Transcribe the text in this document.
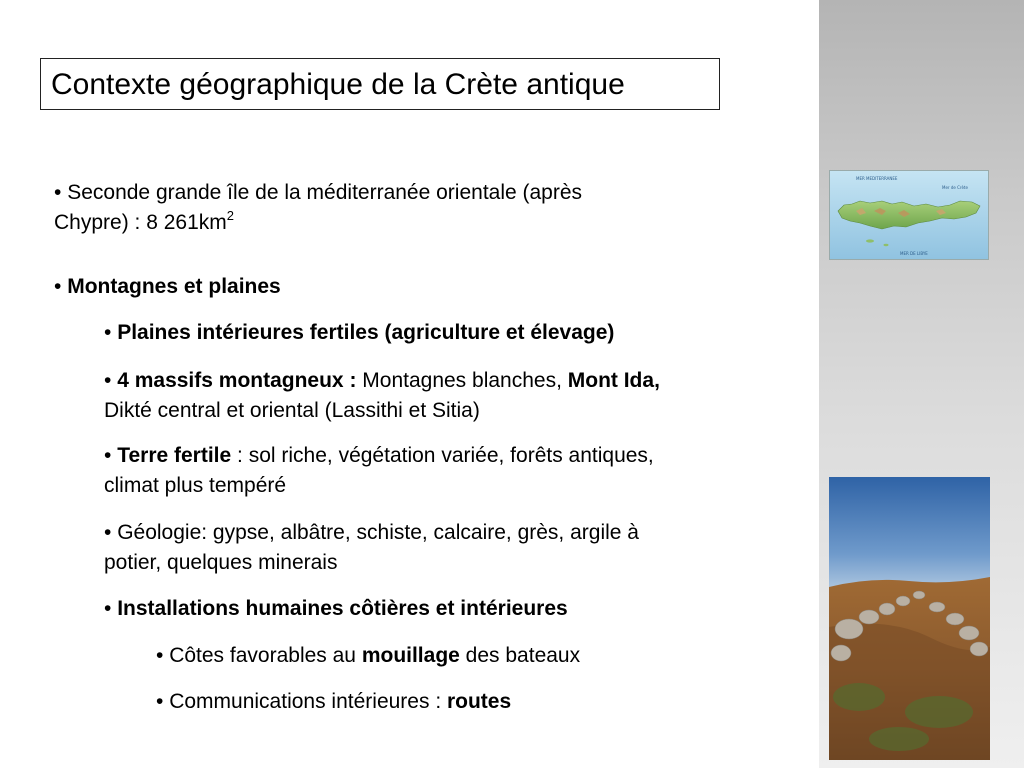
Contexte géographique de la Crète antique
• Seconde grande île de la méditerranée orientale (après
Chypre) : 8 $261km^2$
• Montagnes et plaines
• Plaines intérieures fertiles (agriculture et élevage)
• 4 massifs montagneux : Montagnes blanches, Mont Ida,
Dikté central et oriental (Lassithi et Sitia)
• Terre fertile : sol riche, végétation variée, forêts antiques,
climat plus tempéré
• Géologie: gypse, albâtre, schiste, calcaire, grès, argile à
potier, quelques minerais
• Installations humaines côtières et intérieures
• Côtes favorables au mouillage des bateaux
• Communications intérieures : routes
MER MEDITERRANEE
Mer de Crète
MER DE LIBYE
